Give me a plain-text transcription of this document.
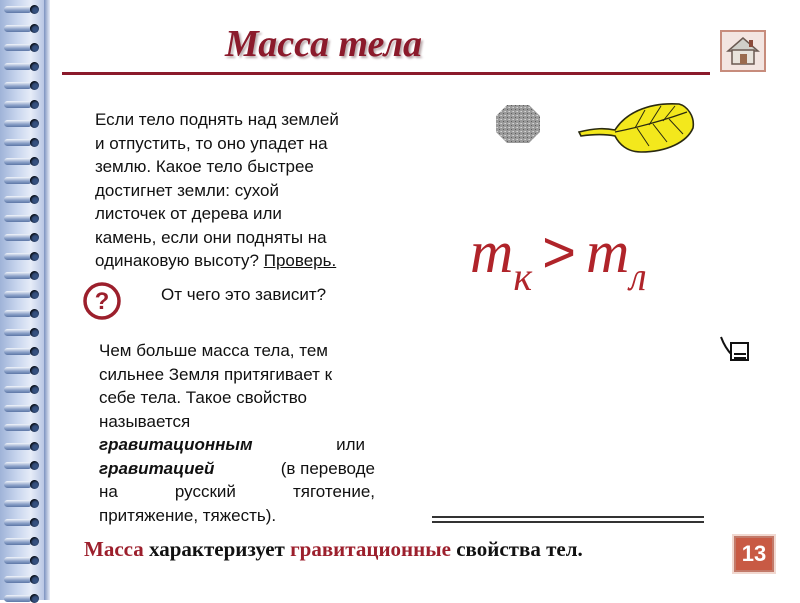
Масса тела
Если тело поднять над землей
и отпустить, то оно упадет на
землю. Какое тело быстрее
достигнет земли: сухой
листочек от дерева или
камень, если они подняты на
одинаковую высоту? Проверь.
?	От чего это зависит?
Чем больше масса тела, тем
сильнее Земля притягивает к
себе тела. Такое свойство
называется
гравитационным	или
гравитацией	(в переводе
на	русский	тяготение,
притяжение, тяжесть).
mк > mл
Масса характеризует гравитационные свойства тел.	13
